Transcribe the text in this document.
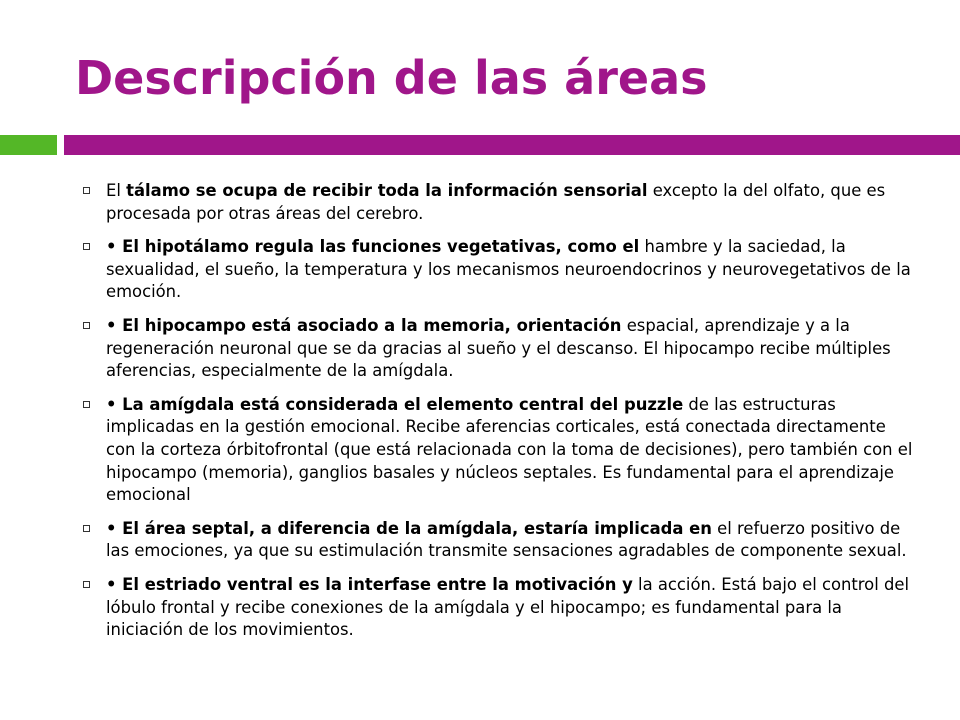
Descripción de las áreas
El tálamo se ocupa de recibir toda la información sensorial excepto la del olfato, que es procesada por otras áreas del cerebro.
• El hipotálamo regula las funciones vegetativas, como el hambre y la saciedad, la sexualidad, el sueño, la temperatura y los mecanismos neuroendocrinos y neurovegetativos de la emoción.
• El hipocampo está asociado a la memoria, orientación espacial, aprendizaje y a la regeneración neuronal que se da gracias al sueño y el descanso. El hipocampo recibe múltiples aferencias, especialmente de la amígdala.
• La amígdala está considerada el elemento central del puzzle de las estructuras implicadas en la gestión emocional. Recibe aferencias corticales, está conectada directamente con la corteza órbitofrontal (que está relacionada con la toma de decisiones), pero también con el hipocampo (memoria), ganglios basales y núcleos septales. Es fundamental para el aprendizaje emocional
• El área septal, a diferencia de la amígdala, estaría implicada en el refuerzo positivo de las emociones, ya que su estimulación transmite sensaciones agradables de componente sexual.
• El estriado ventral es la interfase entre la motivación y la acción. Está bajo el control del lóbulo frontal y recibe conexiones de la amígdala y el hipocampo; es fundamental para la iniciación de los movimientos.
